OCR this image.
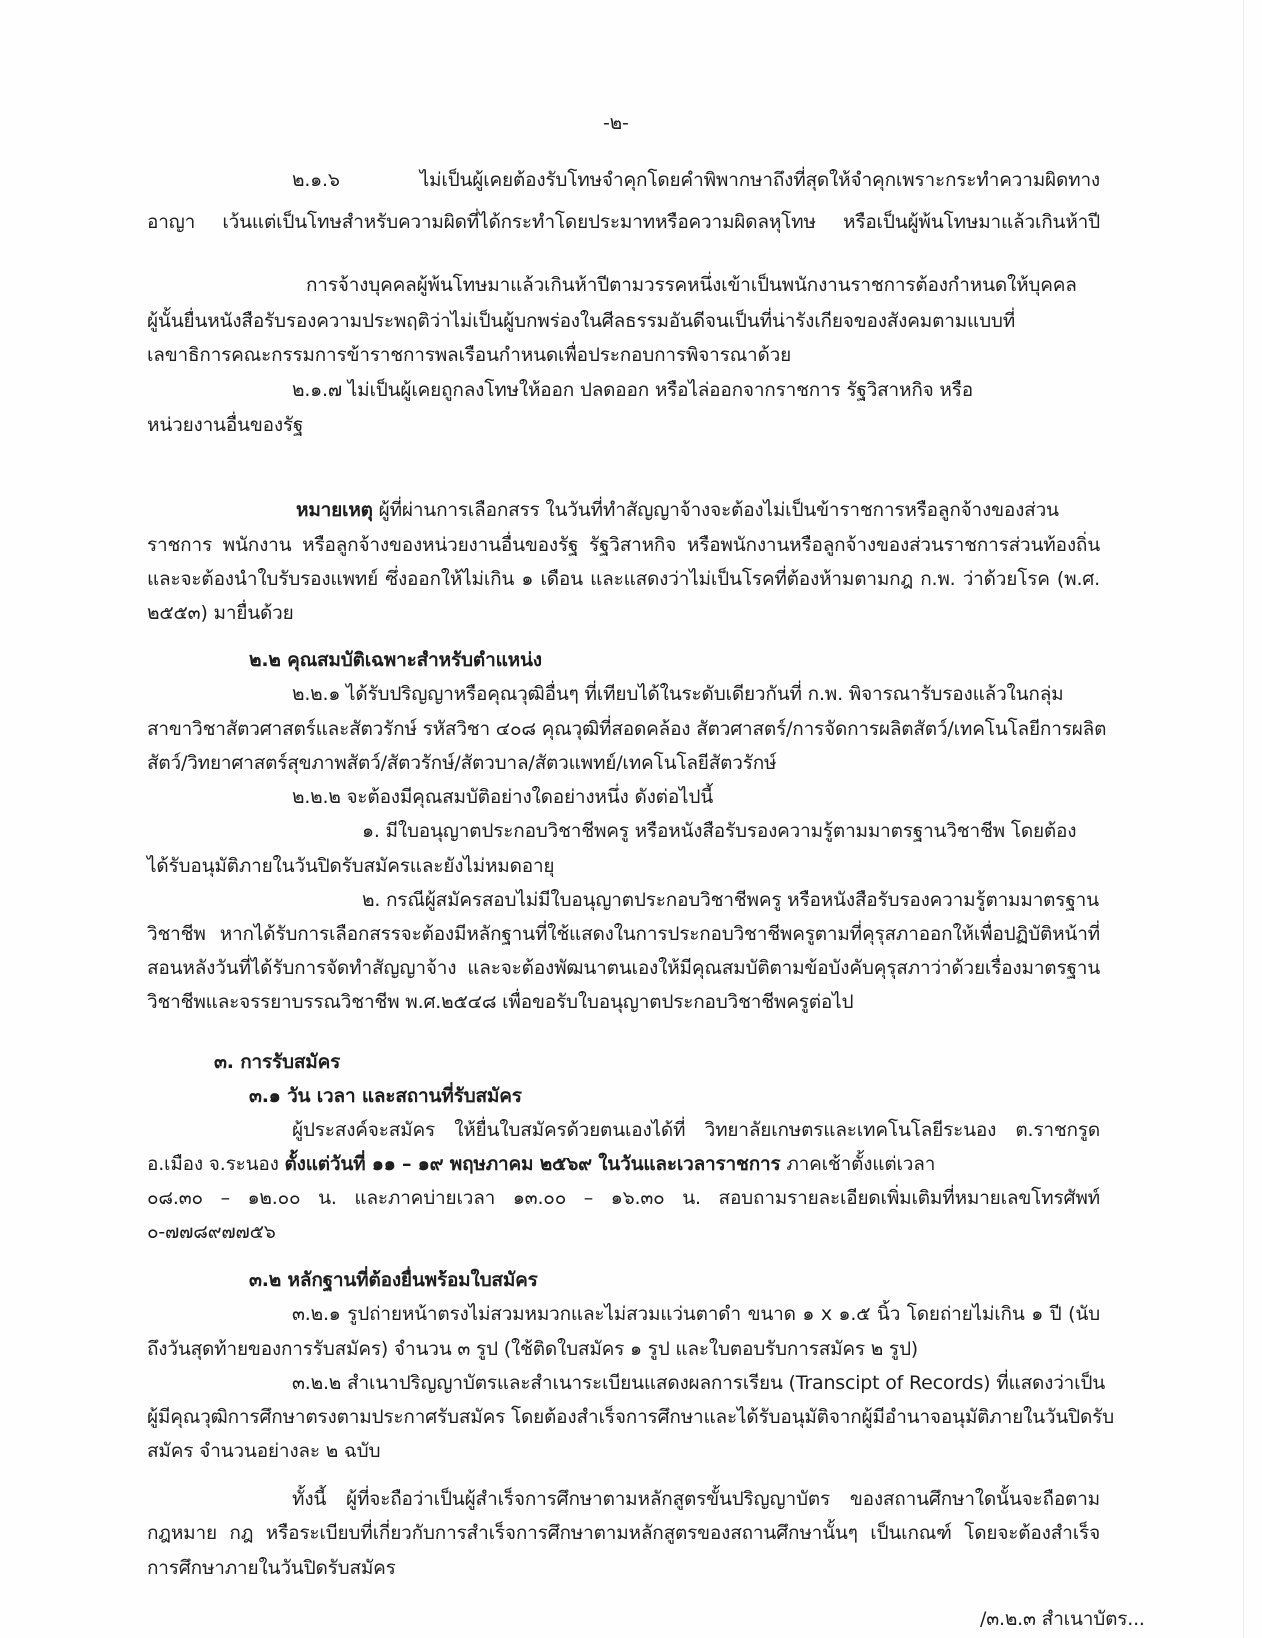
-๒-
๒.๑.๖ ไม่เป็นผู้เคยต้องรับโทษจำคุกโดยคำพิพากษาถึงที่สุดให้จำคุกเพราะกระทำความผิดทาง
อาญา เว้นแต่เป็นโทษสำหรับความผิดที่ได้กระทำโดยประมาทหรือความผิดลหุโทษ หรือเป็นผู้พ้นโทษมาแล้วเกินห้าปี
การจ้างบุคคลผู้พ้นโทษมาแล้วเกินห้าปีตามวรรคหนึ่งเข้าเป็นพนักงานราชการต้องกำหนดให้บุคคล
ผู้นั้นยื่นหนังสือรับรองความประพฤติว่าไม่เป็นผู้บกพร่องในศีลธรรมอันดีจนเป็นที่น่ารังเกียจของสังคมตามแบบที่
เลขาธิการคณะกรรมการข้าราชการพลเรือนกำหนดเพื่อประกอบการพิจารณาด้วย
๒.๑.๗ ไม่เป็นผู้เคยถูกลงโทษให้ออก ปลดออก หรือไล่ออกจากราชการ รัฐวิสาหกิจ หรือ
หน่วยงานอื่นของรัฐ
หมายเหตุ ผู้ที่ผ่านการเลือกสรร ในวันที่ทำสัญญาจ้างจะต้องไม่เป็นข้าราชการหรือลูกจ้างของส่วน
ราชการ พนักงาน หรือลูกจ้างของหน่วยงานอื่นของรัฐ รัฐวิสาหกิจ หรือพนักงานหรือลูกจ้างของส่วนราชการส่วนท้องถิ่น
และจะต้องนำใบรับรองแพทย์ ซึ่งออกให้ไม่เกิน ๑ เดือน และแสดงว่าไม่เป็นโรคที่ต้องห้ามตามกฎ ก.พ. ว่าด้วยโรค (พ.ศ.
๒๕๕๓) มายื่นด้วย
๒.๒ คุณสมบัติเฉพาะสำหรับตำแหน่ง
๒.๒.๑ ได้รับปริญญาหรือคุณวุฒิอื่นๆ ที่เทียบได้ในระดับเดียวกันที่ ก.พ. พิจารณารับรองแล้วในกลุ่ม
สาขาวิชาสัตวศาสตร์และสัตวรักษ์ รหัสวิชา ๔๐๘ คุณวุฒิที่สอดคล้อง สัตวศาสตร์/การจัดการผลิตสัตว์/เทคโนโลยีการผลิต
สัตว์/วิทยาศาสตร์สุขภาพสัตว์/สัตวรักษ์/สัตวบาล/สัตวแพทย์/เทคโนโลยีสัตวรักษ์
๒.๒.๒ จะต้องมีคุณสมบัติอย่างใดอย่างหนึ่ง ดังต่อไปนี้
๑. มีใบอนุญาตประกอบวิชาชีพครู หรือหนังสือรับรองความรู้ตามมาตรฐานวิชาชีพ โดยต้อง
ได้รับอนุมัติภายในวันปิดรับสมัครและยังไม่หมดอายุ
๒. กรณีผู้สมัครสอบไม่มีใบอนุญาตประกอบวิชาชีพครู หรือหนังสือรับรองความรู้ตามมาตรฐาน
วิชาชีพ หากได้รับการเลือกสรรจะต้องมีหลักฐานที่ใช้แสดงในการประกอบวิชาชีพครูตามที่คุรุสภาออกให้เพื่อปฏิบัติหน้าที่
สอนหลังวันที่ได้รับการจัดทำสัญญาจ้าง และจะต้องพัฒนาตนเองให้มีคุณสมบัติตามข้อบังคับคุรุสภาว่าด้วยเรื่องมาตรฐาน
วิชาชีพและจรรยาบรรณวิชาชีพ พ.ศ.๒๕๔๘ เพื่อขอรับใบอนุญาตประกอบวิชาชีพครูต่อไป
๓. การรับสมัคร
๓.๑ วัน เวลา และสถานที่รับสมัคร
ผู้ประสงค์จะสมัคร ให้ยื่นใบสมัครด้วยตนเองได้ที่ วิทยาลัยเกษตรและเทคโนโลยีระนอง ต.ราชกรูด
อ.เมือง จ.ระนอง ตั้งแต่วันที่ ๑๑ – ๑๙ พฤษภาคม ๒๕๖๙ ในวันและเวลาราชการ ภาคเช้าตั้งแต่เวลา
๐๘.๓๐ – ๑๒.๐๐ น. และภาคบ่ายเวลา ๑๓.๐๐ – ๑๖.๓๐ น. สอบถามรายละเอียดเพิ่มเติมที่หมายเลขโทรศัพท์
๐-๗๗๘๙๗๗๕๖
๓.๒ หลักฐานที่ต้องยื่นพร้อมใบสมัคร
๓.๒.๑ รูปถ่ายหน้าตรงไม่สวมหมวกและไม่สวมแว่นตาดำ ขนาด ๑ x ๑.๕ นิ้ว โดยถ่ายไม่เกิน ๑ ปี (นับ
ถึงวันสุดท้ายของการรับสมัคร) จำนวน ๓ รูป (ใช้ติดใบสมัคร ๑ รูป และใบตอบรับการสมัคร ๒ รูป)
๓.๒.๒ สำเนาปริญญาบัตรและสำเนาระเบียนแสดงผลการเรียน (Transcipt of Records) ที่แสดงว่าเป็น
ผู้มีคุณวุฒิการศึกษาตรงตามประกาศรับสมัคร โดยต้องสำเร็จการศึกษาและได้รับอนุมัติจากผู้มีอำนาจอนุมัติภายในวันปิดรับ
สมัคร จำนวนอย่างละ ๒ ฉบับ
ทั้งนี้ ผู้ที่จะถือว่าเป็นผู้สำเร็จการศึกษาตามหลักสูตรขั้นปริญญาบัตร ของสถานศึกษาใดนั้นจะถือตาม
กฎหมาย กฎ หรือระเบียบที่เกี่ยวกับการสำเร็จการศึกษาตามหลักสูตรของสถานศึกษานั้นๆ เป็นเกณฑ์ โดยจะต้องสำเร็จ
การศึกษาภายในวันปิดรับสมัคร
/๓.๒.๓ สำเนาบัตร...
